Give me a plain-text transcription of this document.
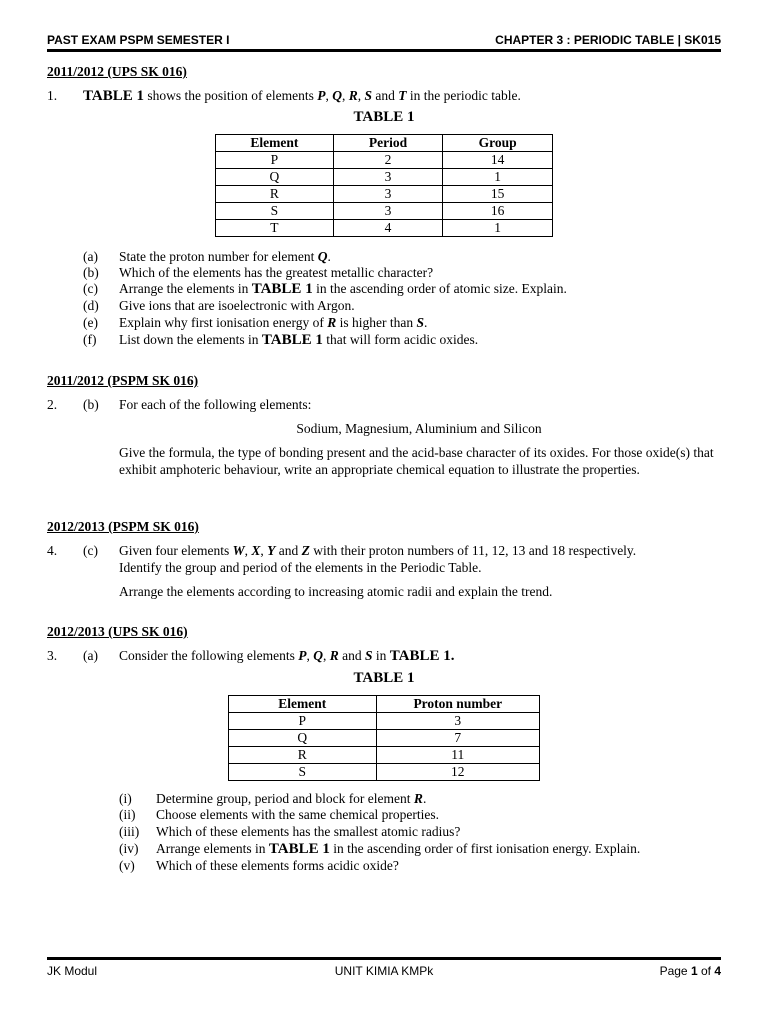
PAST EXAM PSPM SEMESTER I	CHAPTER 3 : PERIODIC TABLE | SK015
2011/2012 (UPS SK 016)
1. TABLE 1 shows the position of elements P, Q, R, S and T in the periodic table.
TABLE 1
Element	Period	Group
P	2	14
Q	3	1
R	3	15
S	3	16
T	4	1
(a) State the proton number for element Q.
(b) Which of the elements has the greatest metallic character?
(c) Arrange the elements in TABLE 1 in the ascending order of atomic size. Explain.
(d) Give ions that are isoelectronic with Argon.
(e) Explain why first ionisation energy of R is higher than S.
(f) List down the elements in TABLE 1 that will form acidic oxides.
2011/2012 (PSPM SK 016)
2. (b) For each of the following elements:
Sodium, Magnesium, Aluminium and Silicon
Give the formula, the type of bonding present and the acid-base character of its oxides. For those oxide(s) that exhibit amphoteric behaviour, write an appropriate chemical equation to illustrate the properties.
2012/2013 (PSPM SK 016)
4. (c) Given four elements W, X, Y and Z with their proton numbers of 11, 12, 13 and 18 respectively.
Identify the group and period of the elements in the Periodic Table.
Arrange the elements according to increasing atomic radii and explain the trend.
2012/2013 (UPS SK 016)
3. (a) Consider the following elements P, Q, R and S in TABLE 1.
TABLE 1
Element	Proton number
P	3
Q	7
R	11
S	12
(i) Determine group, period and block for element R.
(ii) Choose elements with the same chemical properties.
(iii) Which of these elements has the smallest atomic radius?
(iv) Arrange elements in TABLE 1 in the ascending order of first ionisation energy. Explain.
(v) Which of these elements forms acidic oxide?
JK Modul	UNIT KIMIA KMPk	Page 1 of 4
